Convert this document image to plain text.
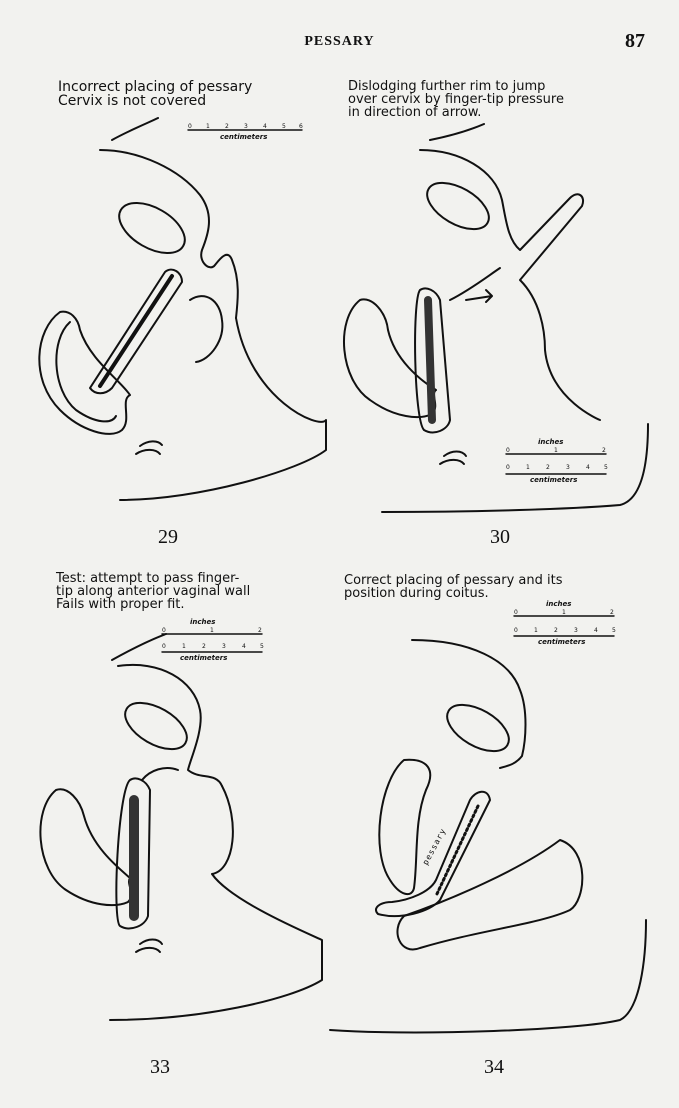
PESSARY	87
Incorrect placing of pessary
Cervix is not covered
Dislodging further rim to jump
over cervix by finger-tip pressure
in direction of arrow.
Test: attempt to pass finger-
tip along anterior vaginal wall
Fails with proper fit.
Correct placing of pessary and its
position during coitus.
29	30
33	34
centimeters
inches
centimeters
inches
centimeters
inches
centimeters
0 1	2	3	4	5 6
0	1	2
0	1	2	3	4 5
0	1	2
0	1	2	3	4 5
0	1	2
0	1	2	3	4 5
pessary
